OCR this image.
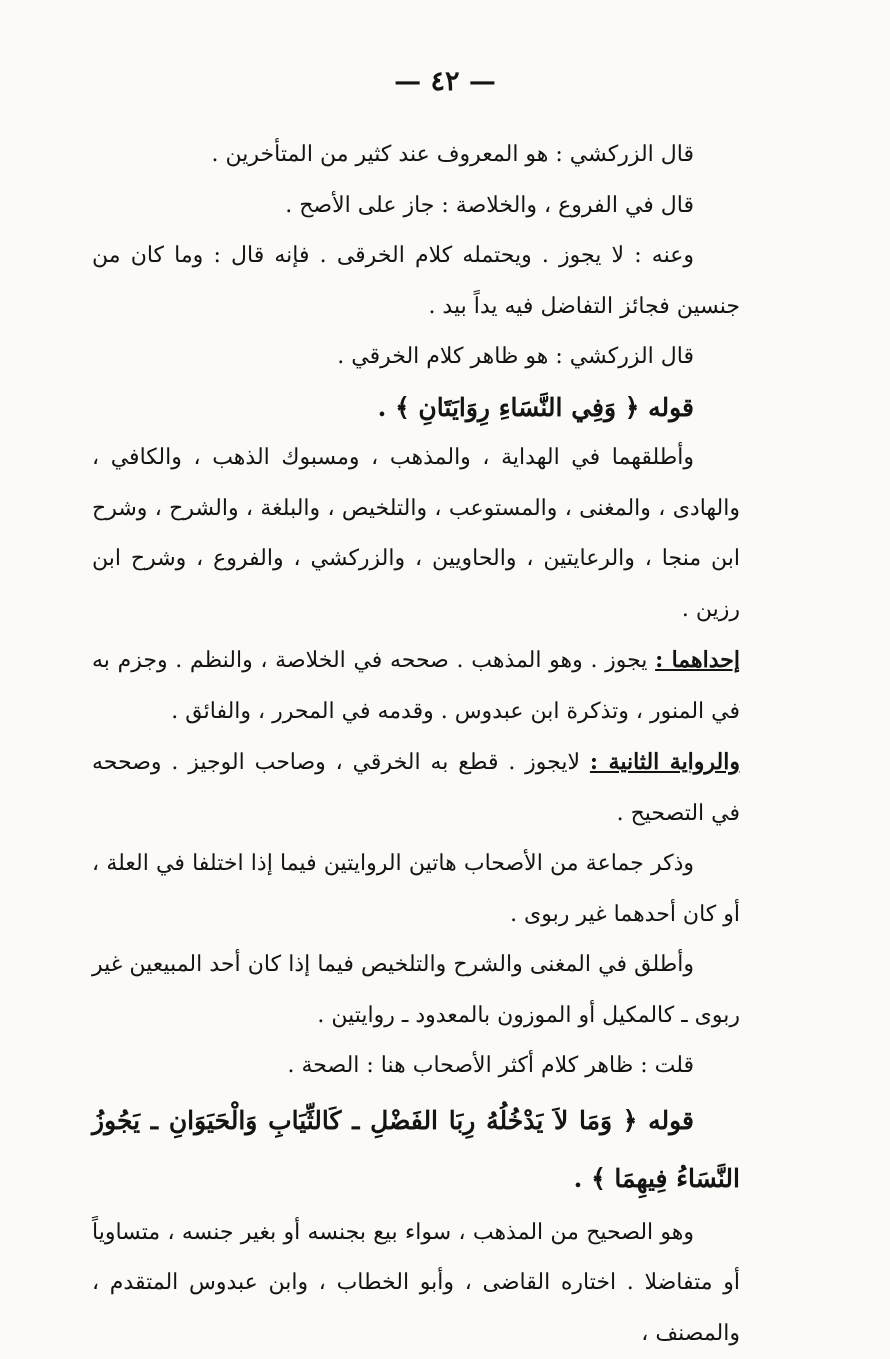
— ٤٢ —

قال الزركشي : هو المعروف عند كثير من المتأخرين .

قال في الفروع ، والخلاصة : جاز على الأصح .

وعنه : لا يجوز . ويحتمله كلام الخرقى . فإنه قال : وما كان من جنسين فجائز التفاضل فيه يداً بيد .

قال الزركشي : هو ظاهر كلام الخرقي .

قوله ﴿ وَفِي النَّسَاءِ رِوَايَتَانِ ﴾ .

وأطلقهما في الهداية ، والمذهب ، ومسبوك الذهب ، والكافي ، والهادى ، والمغنى ، والمستوعب ، والتلخيص ، والبلغة ، والشرح ، وشرح ابن منجا ، والرعايتين ، والحاويين ، والزركشي ، والفروع ، وشرح ابن رزين .

إحداهما : يجوز . وهو المذهب . صححه في الخلاصة ، والنظم . وجزم به في المنور ، وتذكرة ابن عبدوس . وقدمه في المحرر ، والفائق .

والرواية الثانية : لايجوز . قطع به الخرقي ، وصاحب الوجيز . وصححه في التصحيح .

وذكر جماعة من الأصحاب هاتين الروايتين فيما إذا اختلفا في العلة ، أو كان أحدهما غير ربوى .

وأطلق في المغنى والشرح والتلخيص فيما إذا كان أحد المبيعين غير ربوى ـ كالمكيل أو الموزون بالمعدود ـ روايتين .

قلت : ظاهر كلام أكثر الأصحاب هنا : الصحة .

قوله ﴿ وَمَا لاَ يَدْخُلُهُ رِبَا الفَضْلِ ـ كَالثِّيَابِ وَالْحَيَوَانِ ـ يَجُوزُ النَّسَاءُ فِيهِمَا ﴾ .

وهو الصحيح من المذهب ، سواء بيع بجنسه أو بغير جنسه ، متساوياً أو متفاضلا . اختاره القاضى ، وأبو الخطاب ، وابن عبدوس المتقدم ، والمصنف ،
